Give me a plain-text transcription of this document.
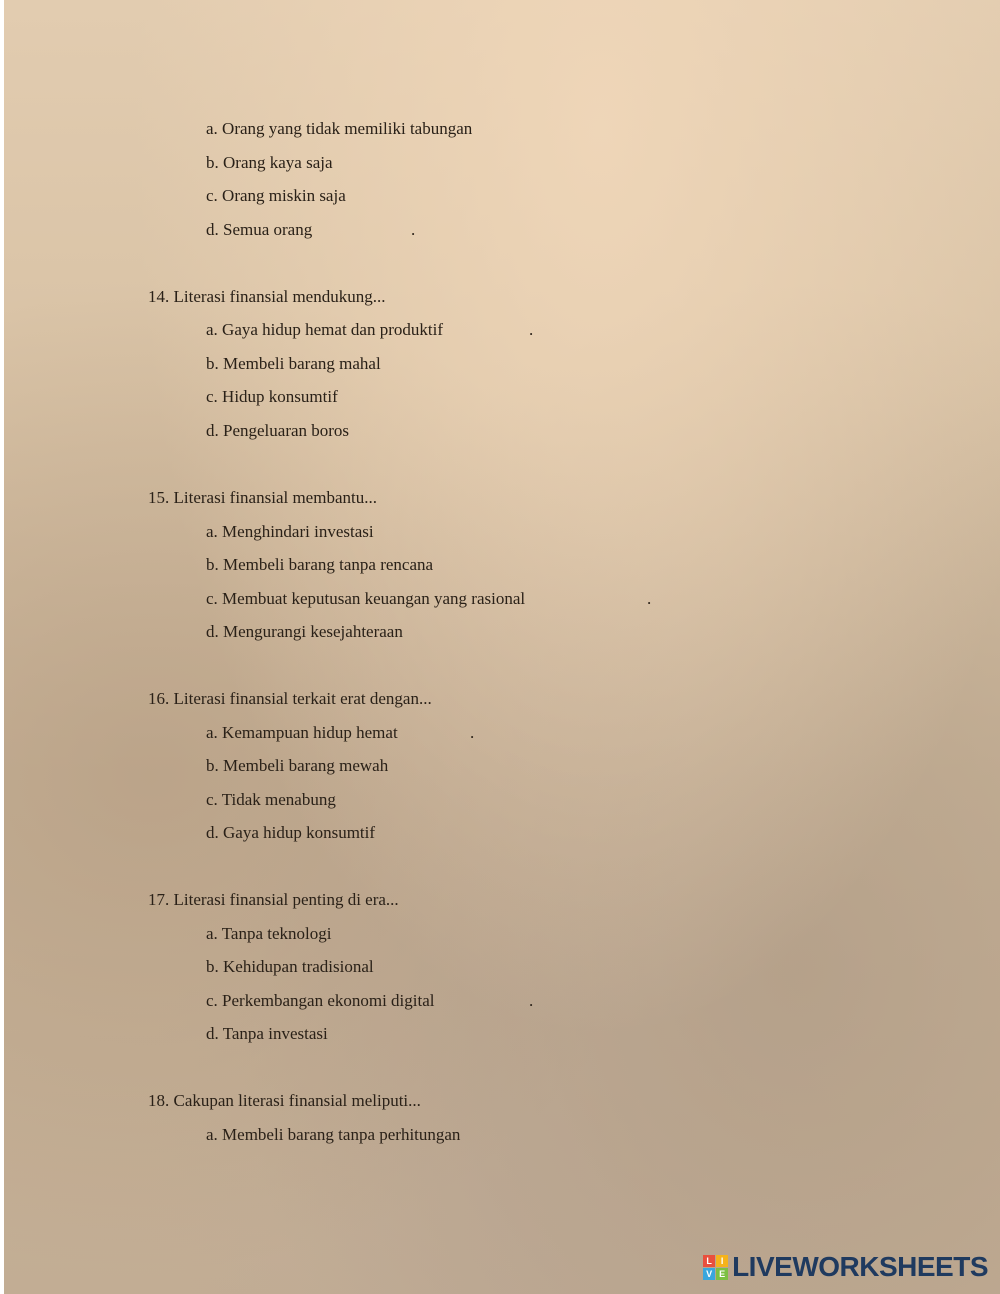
a. Orang yang tidak memiliki tabungan
b. Orang kaya saja
c. Orang miskin saja
d. Semua orang	.
14. Literasi finansial mendukung...
a. Gaya hidup hemat dan produktif	.
b. Membeli barang mahal
c. Hidup konsumtif
d. Pengeluaran boros
15. Literasi finansial membantu...
a. Menghindari investasi
b. Membeli barang tanpa rencana
c. Membuat keputusan keuangan yang rasional	.
d. Mengurangi kesejahteraan
16. Literasi finansial terkait erat dengan...
a. Kemampuan hidup hemat	.
b. Membeli barang mewah
c. Tidak menabung
d. Gaya hidup konsumtif
17. Literasi finansial penting di era...
a. Tanpa teknologi
b. Kehidupan tradisional
c. Perkembangan ekonomi digital	.
d. Tanpa investasi
18. Cakupan literasi finansial meliputi...
a. Membeli barang tanpa perhitungan
L I
V E LIVEWORKSHEETS
